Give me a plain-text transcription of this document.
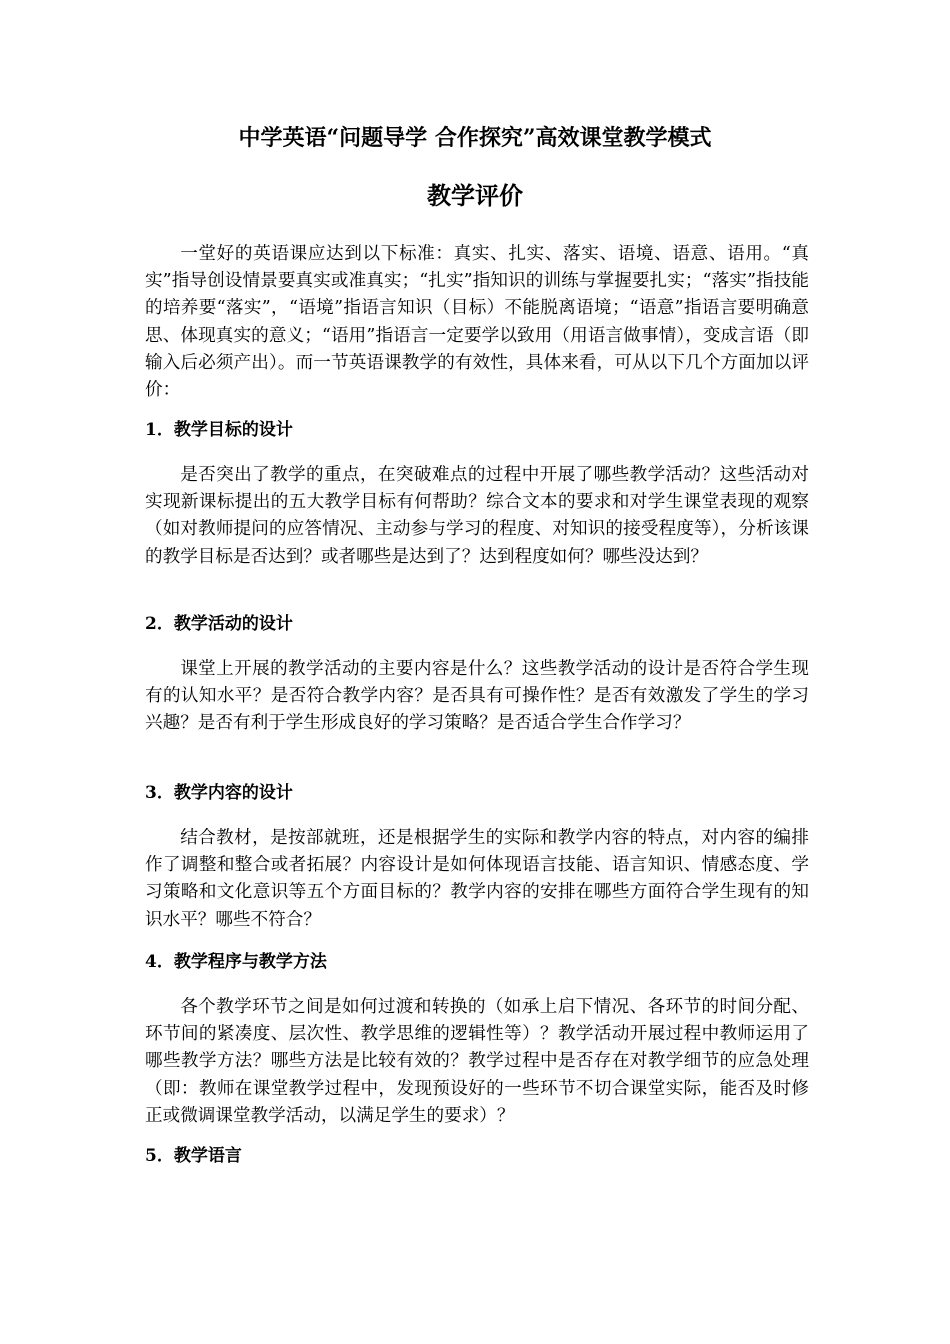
中学英语“问题导学 合作探究”高效课堂教学模式
教学评价

一堂好的英语课应达到以下标准：真实、扎实、落实、语境、语意、语用。“真实”指导创设情景要真实或准真实；“扎实”指知识的训练与掌握要扎实；“落实”指技能的培养要“落实”，“语境”指语言知识（目标）不能脱离语境；“语意”指语言要明确意思、体现真实的意义；“语用”指语言一定要学以致用（用语言做事情），变成言语（即输入后必须产出）。而一节英语课教学的有效性，具体来看，可从以下几个方面加以评价：

1．教学目标的设计

是否突出了教学的重点，在突破难点的过程中开展了哪些教学活动？这些活动对实现新课标提出的五大教学目标有何帮助？综合文本的要求和对学生课堂表现的观察（如对教师提问的应答情况、主动参与学习的程度、对知识的接受程度等），分析该课的教学目标是否达到？或者哪些是达到了？达到程度如何？哪些没达到？

2．教学活动的设计

课堂上开展的教学活动的主要内容是什么？这些教学活动的设计是否符合学生现有的认知水平？是否符合教学内容？是否具有可操作性？是否有效激发了学生的学习兴趣？是否有利于学生形成良好的学习策略？是否适合学生合作学习？

3．教学内容的设计

结合教材，是按部就班，还是根据学生的实际和教学内容的特点，对内容的编排作了调整和整合或者拓展？内容设计是如何体现语言技能、语言知识、情感态度、学习策略和文化意识等五个方面目标的？教学内容的安排在哪些方面符合学生现有的知识水平？哪些不符合？

4．教学程序与教学方法

各个教学环节之间是如何过渡和转换的（如承上启下情况、各环节的时间分配、环节间的紧凑度、层次性、教学思维的逻辑性等）？教学活动开展过程中教师运用了哪些教学方法？哪些方法是比较有效的？教学过程中是否存在对教学细节的应急处理（即：教师在课堂教学过程中，发现预设好的一些环节不切合课堂实际，能否及时修正或微调课堂教学活动，以满足学生的要求）？

5．教学语言
